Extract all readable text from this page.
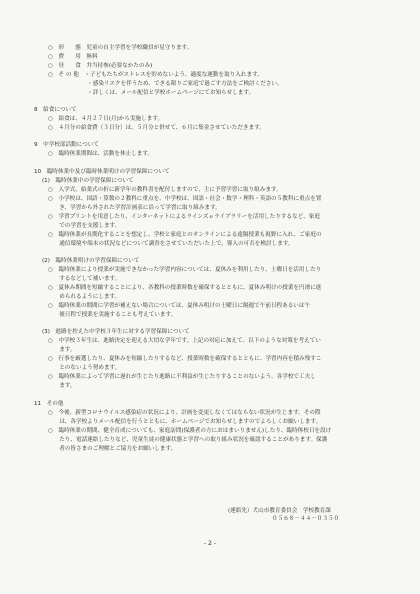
○　形　　態　児童の自主学習を学校職員が見守ります。
○　費　　用　無料
○　昼　　食　弁当持参(必要なかたのみ)
○　そ の 他　・子どもたちがストレスを貯めないよう、適度な運動を取り入れます。
　　　　　　　・感染リスクを伴うため、できる限りご家庭で過ごす方法をご検討ください。
　　　　　　　・詳しくは、メール配信と学校ホームページにてお知らせします。
8　給食について
○　給食は、４月２７日(月)から実施します。
○　４月分の給食費（３日分）は、５月分と併せて、６月に集金させていただきます。
9　中学校部活動について
○　臨時休業期間は、活動を休止します。
10　臨時休業中及び臨時休業明けの学習保障について
(1)　臨時休業中の学習保障について
○　入学式、始業式の折に新学年の教科書を配付しますので、主に予習学習に取り組みます。
○　小学校は、国語・算数の２教科に重点を、中学校は、国語・社会・数学・理科・英語の５教科に重点を置
　　き、学習から外された学習計画表に沿って学習に取り組みます。
○　学習プリントを用意したり、インターネットによるラインズｅライブラリーを活用したりするなど、家庭
　　での学習を支援します。
○　臨時休業が長期化することを想定し、学校と家庭とのオンラインによる遠隔授業も視野に入れ、ご家庭の
　　通信環境や端末の状況などについて調査をさせていただいた上で、導入の可否を検討します。
(2)　臨時休業明けの学習保障について
○　臨時休業により授業が実施できなかった学習内容については、夏休みを利用したり、土曜日を活用したり
　　するなどして補います。
○　夏休み期間を短縮することにより、各教科の授業時数を確保するとともに、夏休み明けの授業を円滑に進
　　められるようにします。
○　臨時休業の期間に学習が補えない場合については、夏休み明けの土曜日に隔週で午前日程あるいは午
　　後日程で授業を実施することも考えています。
(3)　進路を控えた中学校３年生に対する学習保障について
○　中学校３年生は、進路決定を迎える大切な学年です。上記の対応に加えて、以下のような対策を考えてい
　　ます。
○　行事を厳選したり、夏休みを短縮したりするなど、授業時数を確保するとともに、学習内容を積み残すこ
　　とのないよう努めます。
○　臨時休業によって学習に遅れが生じたり進路に不利益が生じたりすることのないよう、各学校で工夫し
　　ます。
11　その他
○　今後、新型コロナウイルス感染症の状況により、計画を変更しなくてはならない状況が生じます。その際
　　は、各学校よりメール配信を行うとともに、ホームページでお知らせしますのでよろしくお願いします。
○　臨時休業の期間、健全育成についても、家庭訪問(保護者の方におはまいりません)したり、臨時休校日を設け
　　たり、電話連絡したりなど、児童生徒の健康状態と学習への取り組み状況を確認することがあります。保護
　　者の皆さまのご理解とご協力をお願いします。
(連絡先）犬山市教育委員会　学校教育課
０５６８－４４－０３５０
- 2 -
